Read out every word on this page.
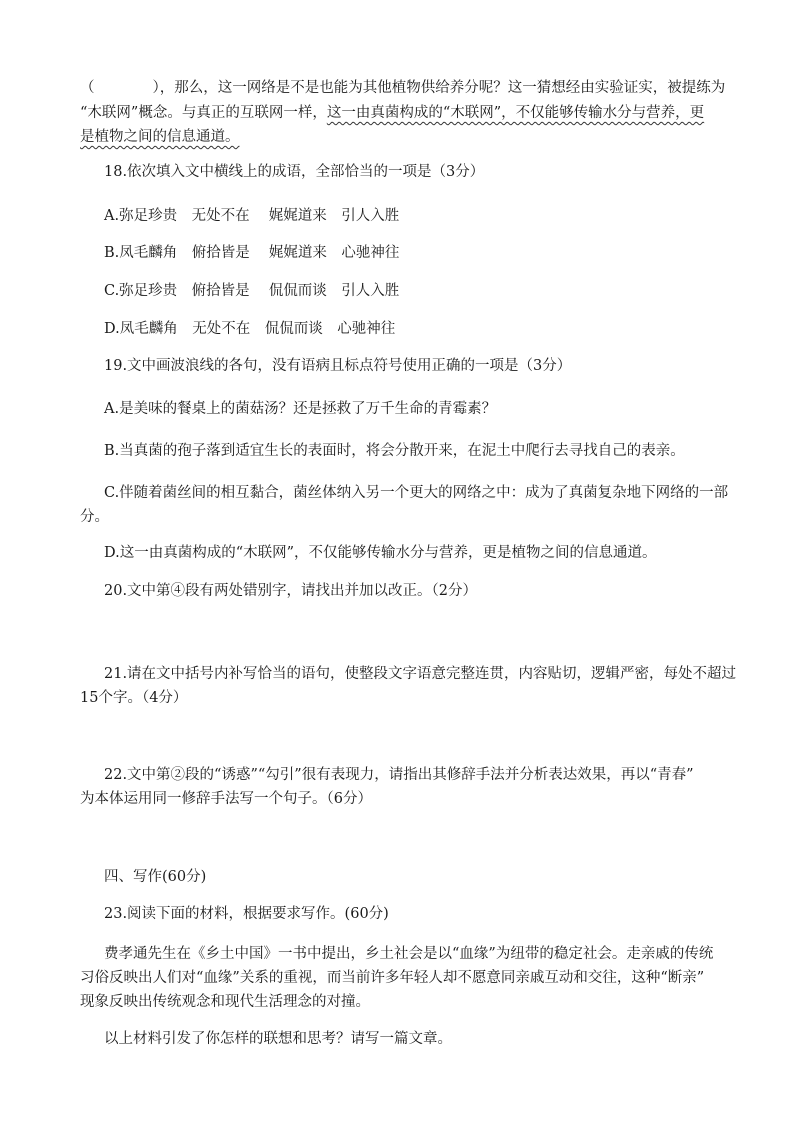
（　　　　），那么，这一网络是不是也能为其他植物供给养分呢？这一猜想经由实验证实，被提练为
“木联网”概念。与真正的互联网一样，这一由真菌构成的“木联网”，不仅能够传输水分与营养，更
是植物之间的信息通道。
18.依次填入文中横线上的成语，全部恰当的一项是（3分）
A.弥足珍贵　无处不在　 娓娓道来　引人入胜
B.凤毛麟角　俯拾皆是　 娓娓道来　心驰神往
C.弥足珍贵　俯拾皆是　 侃侃而谈　引人入胜
D.凤毛麟角　无处不在　侃侃而谈　心驰神往
19.文中画波浪线的各句，没有语病且标点符号使用正确的一项是（3分）
A.是美味的餐桌上的菌菇汤？还是拯救了万千生命的青霉素？
B.当真菌的孢子落到适宜生长的表面时，将会分散开来，在泥土中爬行去寻找自己的表亲。
C.伴随着菌丝间的相互黏合，菌丝体纳入另一个更大的网络之中：成为了真菌复杂地下网络的一部
分。
D.这一由真菌构成的“木联网”，不仅能够传输水分与营养，更是植物之间的信息通道。
20.文中第④段有两处错别字，请找出并加以改正。（2分）
21.请在文中括号内补写恰当的语句，使整段文字语意完整连贯，内容贴切，逻辑严密，每处不超过
15个字。（4分）
22.文中第②段的“诱惑”“勾引”很有表现力，请指出其修辞手法并分析表达效果，再以“青春”
为本体运用同一修辞手法写一个句子。（6分）
四、写作(60分)
23.阅读下面的材料，根据要求写作。(60分)
费孝通先生在《乡土中国》一书中提出，乡土社会是以“血缘”为纽带的稳定社会。走亲戚的传统
习俗反映出人们对“血缘”关系的重视，而当前许多年轻人却不愿意同亲戚互动和交往，这种“断亲”
现象反映出传统观念和现代生活理念的对撞。
以上材料引发了你怎样的联想和思考？请写一篇文章。
